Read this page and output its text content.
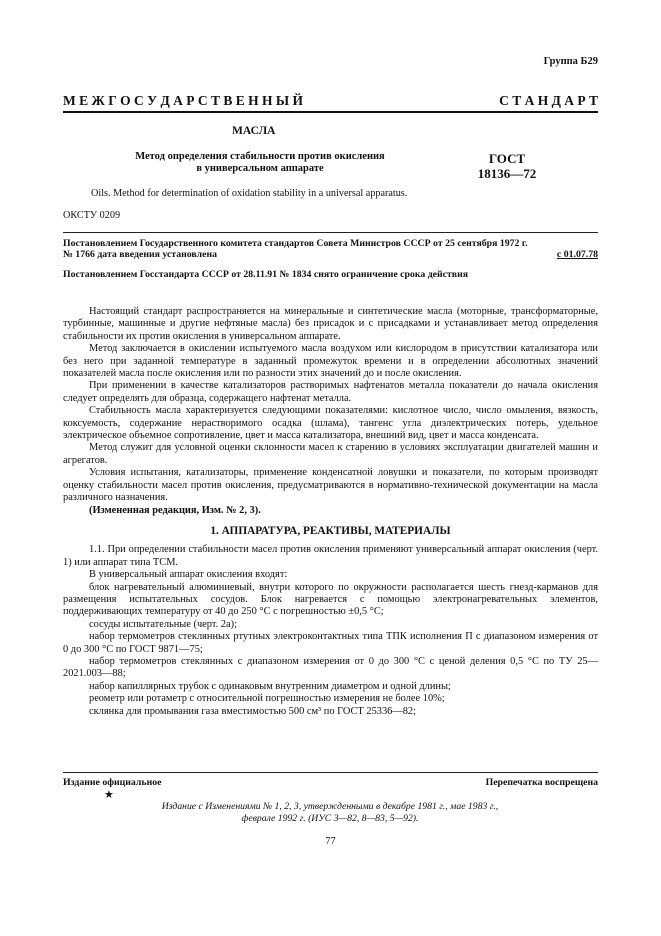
Группа Б29
М Е Ж Г О С У Д А Р С Т В Е Н Н Ы Й	С Т А Н Д А Р Т
МАСЛА
Метод определения стабильности против окисления
в универсальном аппарате
ГОСТ
18136—72
Oils. Method for determination of oxidation stability in a universal apparatus.
ОКСТУ 0209
Постановлением Государственного комитета стандартов Совета Министров СССР от 25 сентября 1972 г.
№ 1766 дата введения установлена	с 01.07.78
Постановлением Госстандарта СССР от 28.11.91 № 1834 снято ограничение срока действия

Настоящий стандарт распространяется на минеральные и синтетические масла (моторные, трансформаторные, турбинные, машинные и другие нефтяные масла) без присадок и с присадками и устанавливает метод определения стабильности их против окисления в универсальном аппарате.

Метод заключается в окислении испытуемого масла воздухом или кислородом в присутствии катализатора или без него при заданной температуре в заданный промежуток времени и в определении абсолютных значений показателей масла после окисления или по разности этих значений до и после окисления.

При применении в качестве катализаторов растворимых нафтенатов металла показатели до начала окисления следует определять для образца, содержащего нафтенат металла.

Стабильность масла характеризуется следующими показателями: кислотное число, число омыления, вязкость, коксуемость, содержание нерастворимого осадка (шлама), тангенс угла диэлектрических потерь, удельное электрическое объемное сопротивление, цвет и масса катализатора, внешний вид, цвет и масса конденсата.

Метод служит для условной оценки склонности масел к старению в условиях эксплуатации двигателей машин и агрегатов.

Условия испытания, катализаторы, применение конденсатной ловушки и показатели, по которым производят оценку стабильности масел против окисления, предусматриваются в нормативно-технической документации на масла различного назначения.

(Измененная редакция, Изм. № 2, 3).

1. АППАРАТУРА, РЕАКТИВЫ, МАТЕРИАЛЫ

1.1. При определении стабильности масел против окисления применяют универсальный аппарат окисления (черт. 1) или аппарат типа ТСМ.

В универсальный аппарат окисления входят:

блок нагревательный алюминиевый, внутри которого по окружности располагается шесть гнезд-карманов для размещения испытательных сосудов. Блок нагревается с помощью электронагревательных элементов, поддерживающих температуру от 40 до 250 °С с погрешностью ±0,5 °С;

сосуды испытательные (черт. 2а);

набор термометров стеклянных ртутных электроконтактных типа ТПК исполнения П с диапазоном измерения от 0 до 300 °С по ГОСТ 9871—75;

набор термометров стеклянных с диапазоном измерения от 0 до 300 °С с ценой деления 0,5 °С по ТУ 25—2021.003—88;

набор капиллярных трубок с одинаковым внутренним диаметром и одной длины;

реометр или ротаметр с относительной погрешностью измерения не более 10%;

склянка для промывания газа вместимостью 500 см³ по ГОСТ 25336—82;

Издание официальное
★
Перепечатка воспрещена
Издание с Изменениями № 1, 2, 3, утвержденными в декабре 1981 г., мае 1983 г.,
феврале 1992 г. (ИУС 3—82, 8—83, 5—92).
77
